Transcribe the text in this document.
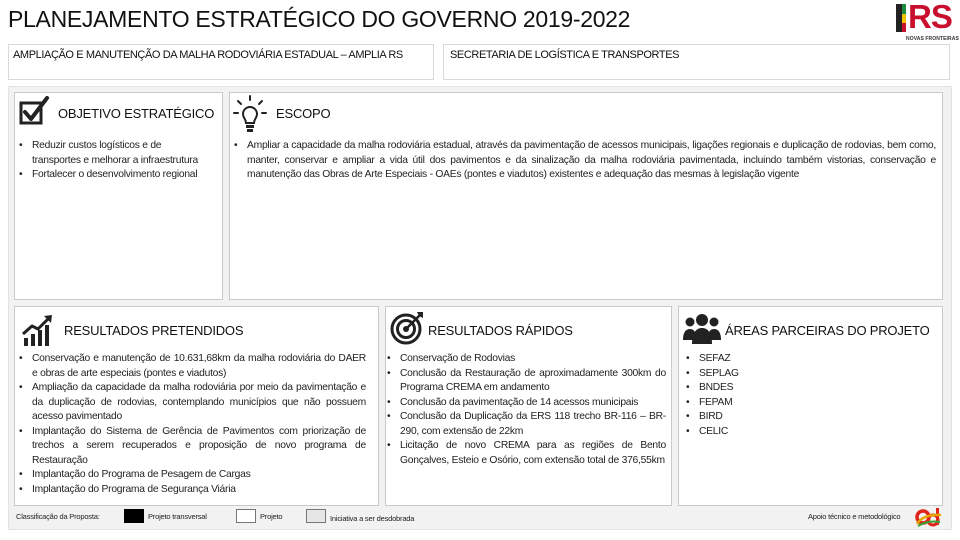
PLANEJAMENTO ESTRATÉGICO DO GOVERNO 2019-2022	RS
NOVAS FRONTEIRAS
AMPLIAÇÃO E MANUTENÇÃO DA MALHA RODOVIÁRIA ESTADUAL – AMPLIA RS	SECRETARIA DE LOGÍSTICA E TRANSPORTES
OBJETIVO ESTRATÉGICO
• Reduzir custos logísticos e de transportes e melhorar a infraestrutura
• Fortalecer o desenvolvimento regional
ESCOPO
• Ampliar a capacidade da malha rodoviária estadual, através da pavimentação de acessos municipais, ligações regionais e duplicação de rodovias, bem como, manter, conservar e ampliar a vida útil dos pavimentos e da sinalização da malha rodoviária pavimentada, incluindo também vistorias, conservação e manutenção das Obras de Arte Especiais - OAEs (pontes e viadutos) existentes e adequação das mesmas à legislação vigente
RESULTADOS PRETENDIDOS
• Conservação e manutenção de 10.631,68km da malha rodoviária do DAER e obras de arte especiais (pontes e viadutos)
• Ampliação da capacidade da malha rodoviária por meio da pavimentação e da duplicação de rodovias, contemplando municípios que não possuem acesso pavimentado
• Implantação do Sistema de Gerência de Pavimentos com priorização de trechos a serem recuperados e proposição de novo programa de Restauração
• Implantação do Programa de Pesagem de Cargas
• Implantação do Programa de Segurança Viária
RESULTADOS RÁPIDOS
• Conservação de Rodovias
• Conclusão da Restauração de aproximadamente 300km do Programa CREMA em andamento
• Conclusão da pavimentação de 14 acessos municipais
• Conclusão da Duplicação da ERS 118 trecho BR-116 – BR-290, com extensão de 22km
• Licitação de novo CREMA para as regiões de Bento Gonçalves, Esteio e Osório, com extensão total de 376,55km
ÁREAS PARCEIRAS DO PROJETO
• SEFAZ
• SEPLAG
• BNDES
• FEPAM
• BIRD
• CELIC
Classificação da Proposta:	Projeto transversal	Projeto	Iniciativa a ser desdobrada	Apoio técnico e metodológico
